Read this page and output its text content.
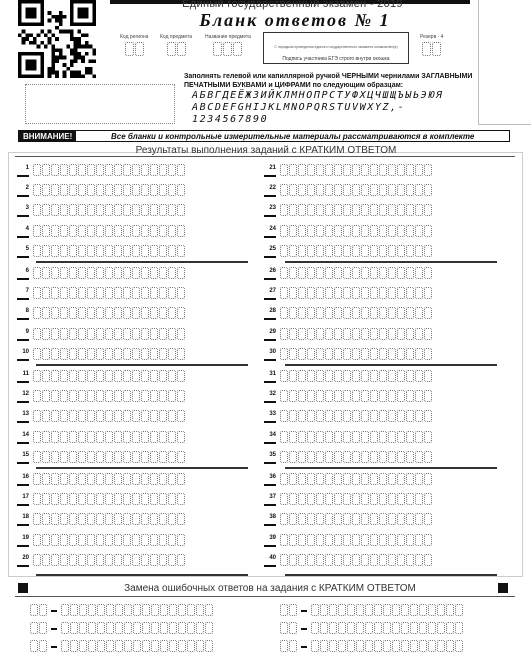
Единый государственный экзамен - 2019
Бланк ответов № 1
Код региона Код предмета	Название предмета
С порядком проведения единого государственного экзамена ознакомлен(а)
Подпись участника ЕГЭ строго внутри окошка
Резерв - 4
Заполнять гелевой или капиллярной ручкой ЧЕРНЫМИ чернилами ЗАГЛАВНЫМИ ПЕЧАТНЫМИ БУКВАМИ и ЦИФРАМИ по следующим образцам:
АБВГДЕЁЖЗИЙКЛМНОПРСТУФХЦЧШЩЪЫЬЭЮЯ
ABCDEFGHIJKLMNOPQRSTUVWXYZ,-
1234567890
ВНИМАНИЕ!	Все бланки и контрольные измерительные материалы рассматриваются в комплекте
Результаты выполнения заданий с КРАТКИМ ОТВЕТОМ
1	21
2	22
3	23
4	24
5	25
6	26
7	27
8	28
9	29
10	30
11	31
12	32
13	33
14	34
15	35
16	36
17	37
18	38
19	39
20	40
Замена ошибочных ответов на задания с КРАТКИМ ОТВЕТОМ
